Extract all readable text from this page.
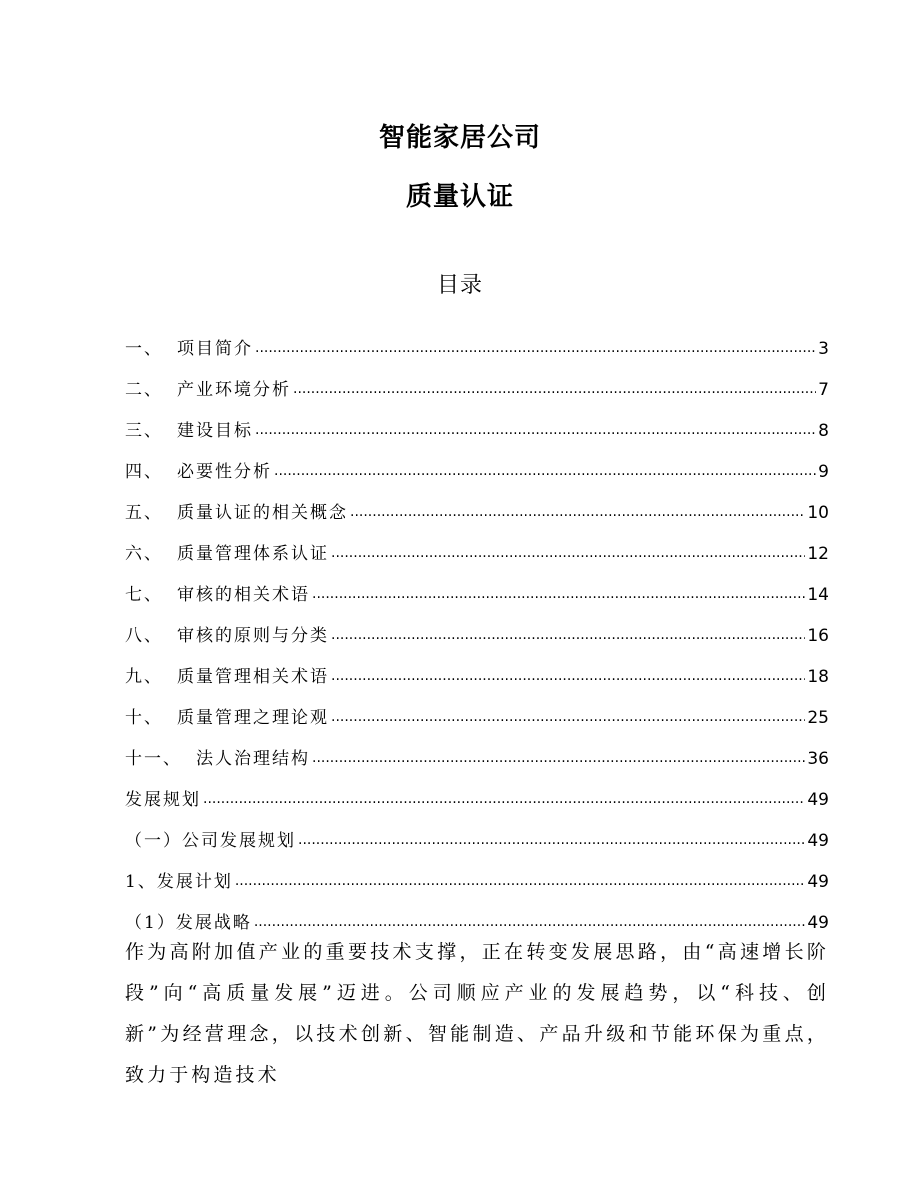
智能家居公司
质量认证
目录
一、 项目简介 .....	3
二、 产业环境分析 .....	7
三、 建设目标 .....	8
四、 必要性分析 .....	9
五、 质量认证的相关概念 .....	10
六、 质量管理体系认证 .....	12
七、 审核的相关术语 .....	14
八、 审核的原则与分类 .....	16
九、 质量管理相关术语 .....	18
十、 质量管理之理论观 .....	25
十一、 法人治理结构 .....	36
发展规划 .....	49
（一）公司发展规划 .....	49
1、发展计划 .....	49
（1）发展战略 .....	49

作为高附加值产业的重要技术支撑，正在转变发展思路，由“高速增长阶段”向“高质量发展”迈进。公司顺应产业的发展趋势，以“科技、创新”为经营理念，以技术创新、智能制造、产品升级和节能环保为重点，致力于构造技术
